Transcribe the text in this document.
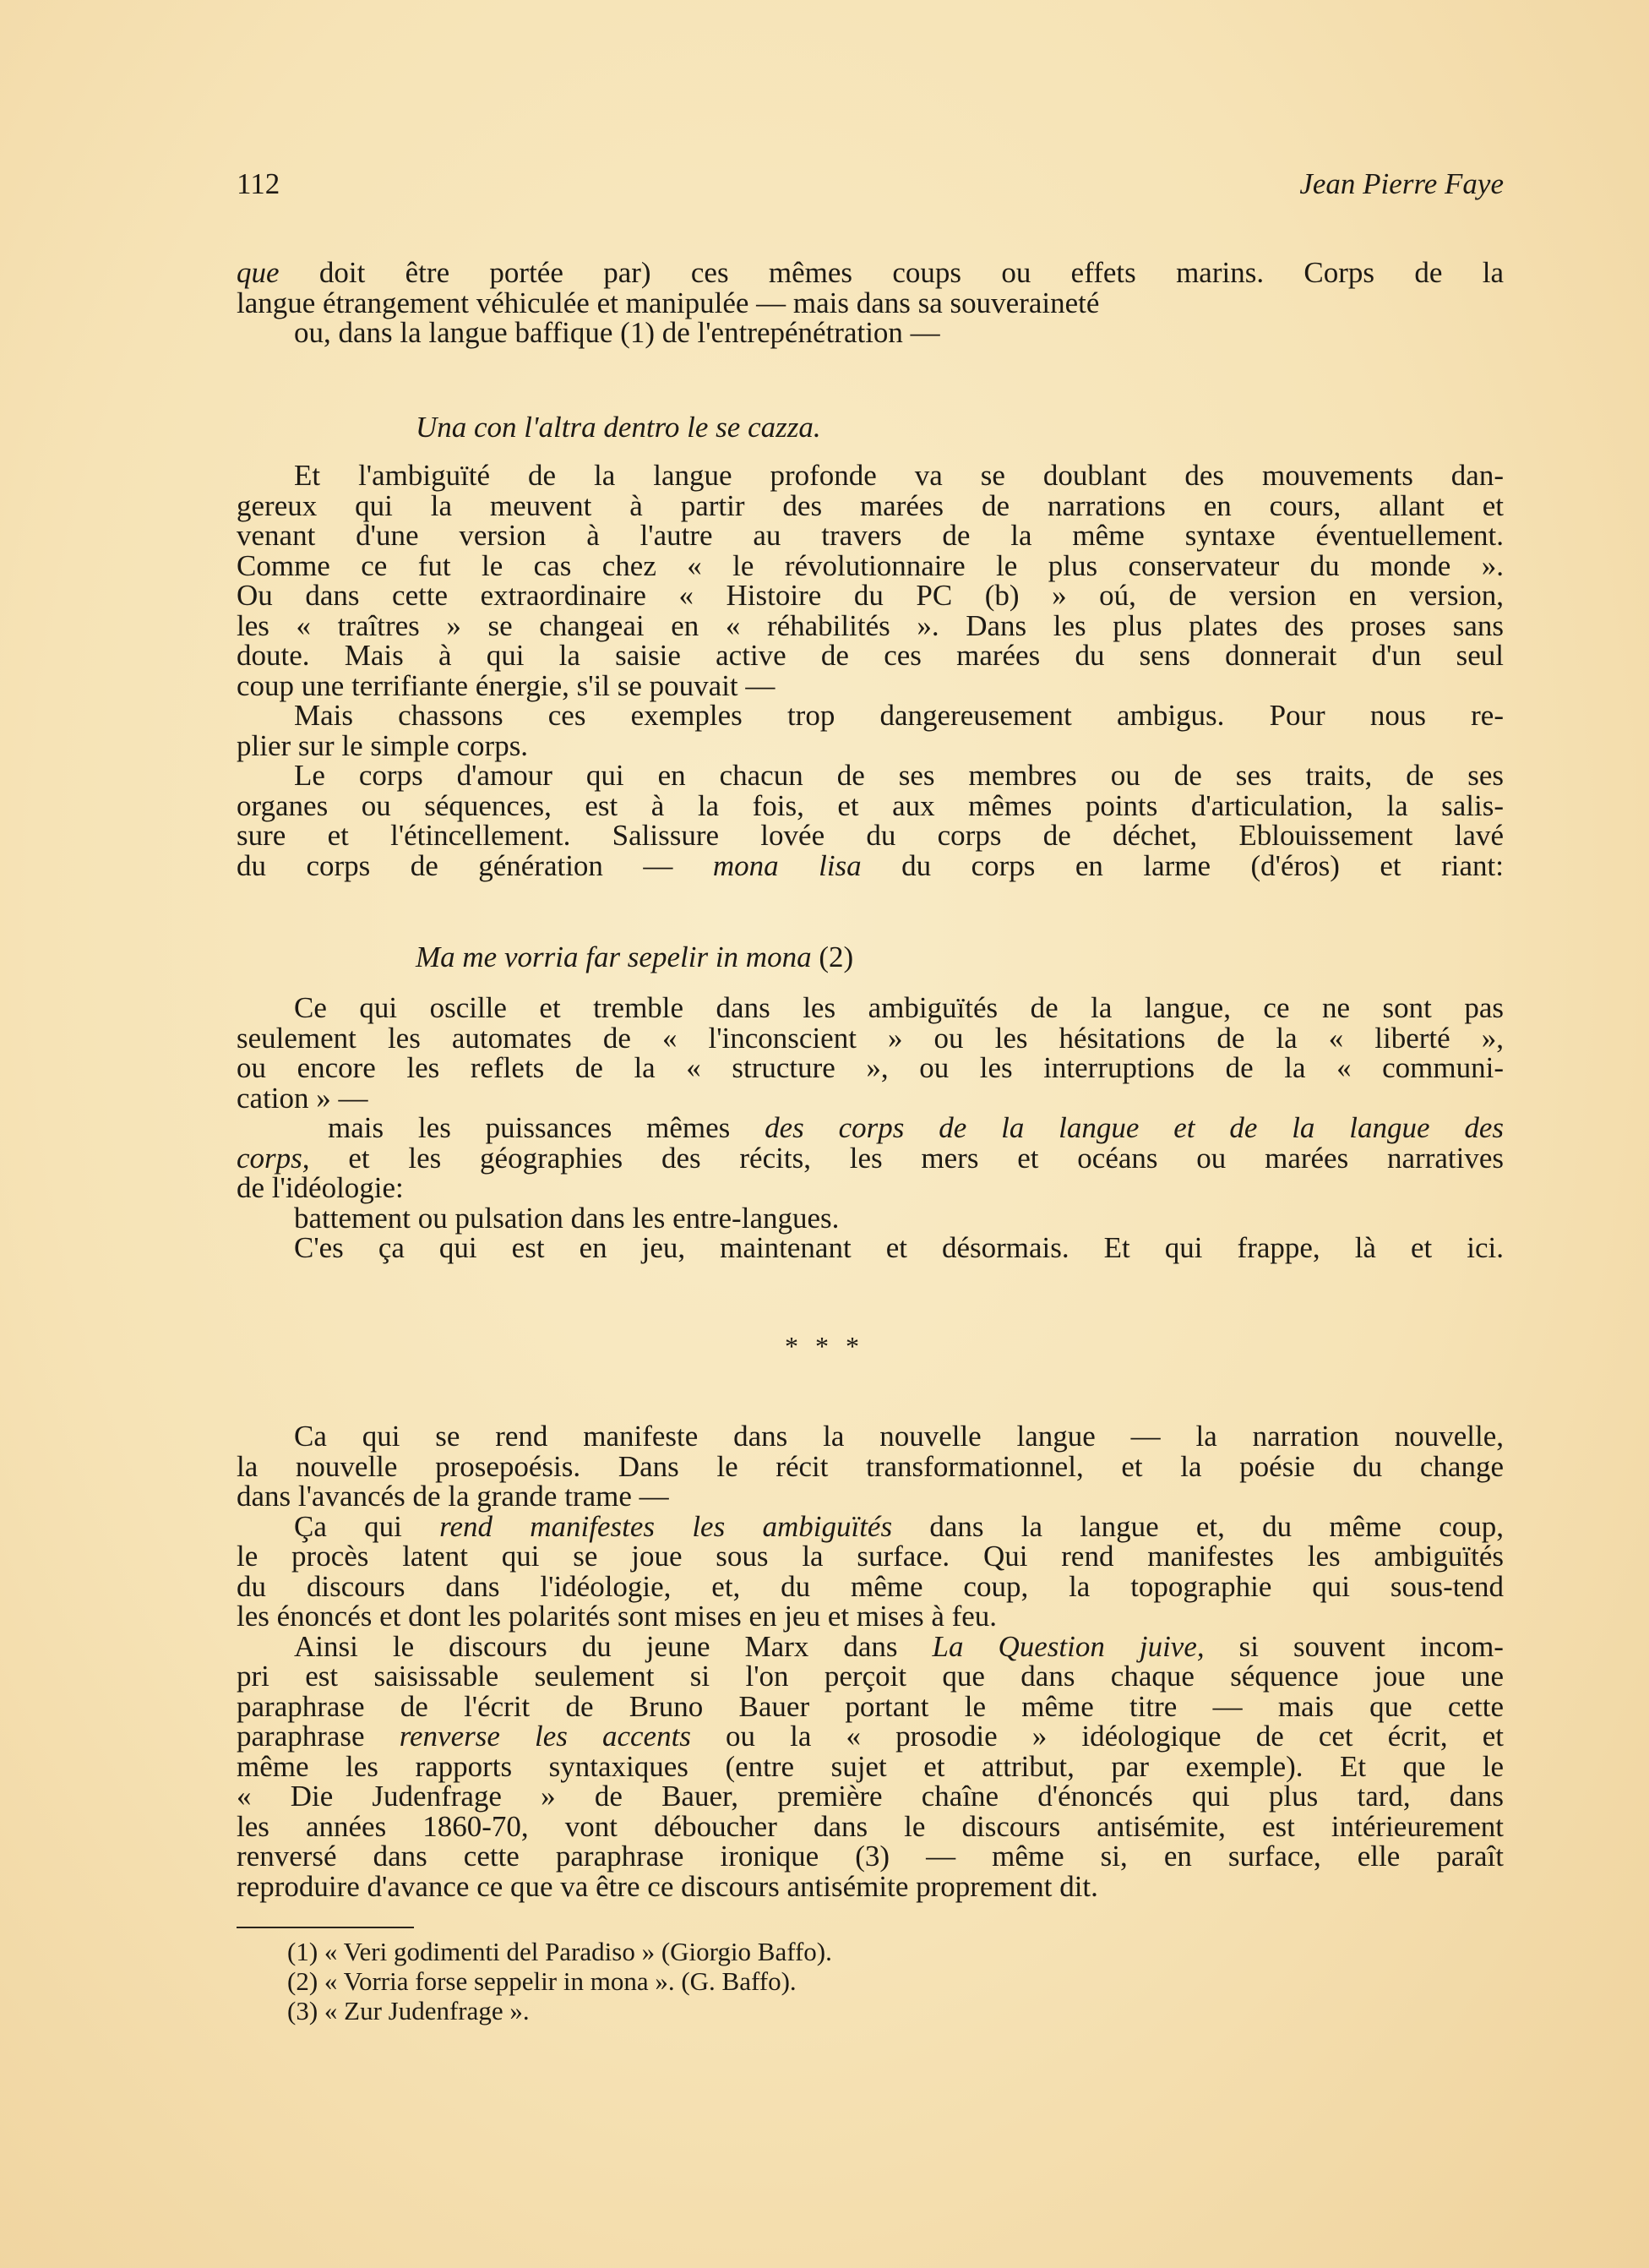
112	Jean Pierre Faye
que doit être portée par) ces mêmes coups ou effets marins. Corps de la
langue étrangement véhiculée et manipulée — mais dans sa souveraineté
ou, dans la langue baffique (1) de l'entrepénétration —
Una con l'altra dentro le se cazza.
Et l'ambiguïté de la langue profonde va se doublant des mouvements dan-
gereux qui la meuvent à partir des marées de narrations en cours, allant et
venant d'une version à l'autre au travers de la même syntaxe éventuellement.
Comme ce fut le cas chez « le révolutionnaire le plus conservateur du monde ».
Ou dans cette extraordinaire « Histoire du PC (b) » oú, de version en version,
les « traîtres » se changeai en « réhabilités ». Dans les plus plates des proses sans
doute. Mais à qui la saisie active de ces marées du sens donnerait d'un seul
coup une terrifiante énergie, s'il se pouvait —
Mais chassons ces exemples trop dangereusement ambigus. Pour nous re-
plier sur le simple corps.
Le corps d'amour qui en chacun de ses membres ou de ses traits, de ses
organes ou séquences, est à la fois, et aux mêmes points d'articulation, la salis-
sure et l'étincellement. Salissure lovée du corps de déchet, Eblouissement lavé
du corps de génération — mona lisa du corps en larme (d'éros) et riant:
Ma me vorria far sepelir in mona (2)
Ce qui oscille et tremble dans les ambiguïtés de la langue, ce ne sont pas
seulement les automates de « l'inconscient » ou les hésitations de la « liberté »,
ou encore les reflets de la « structure », ou les interruptions de la « communi-
cation » —
mais les puissances mêmes des corps de la langue et de la langue des
corps, et les géographies des récits, les mers et océans ou marées narratives
de l'idéologie:
battement ou pulsation dans les entre-langues.
C'es ça qui est en jeu, maintenant et désormais. Et qui frappe, là et ici.
* * *
Ca qui se rend manifeste dans la nouvelle langue — la narration nouvelle,
la nouvelle prosepoésis. Dans le récit transformationnel, et la poésie du change
dans l'avancés de la grande trame —
Ça qui rend manifestes les ambiguïtés dans la langue et, du même coup,
le procès latent qui se joue sous la surface. Qui rend manifestes les ambiguïtés
du discours dans l'idéologie, et, du même coup, la topographie qui sous-tend
les énoncés et dont les polarités sont mises en jeu et mises à feu.
Ainsi le discours du jeune Marx dans La Question juive, si souvent incom-
pri est saisissable seulement si l'on perçoit que dans chaque séquence joue une
paraphrase de l'écrit de Bruno Bauer portant le même titre — mais que cette
paraphrase renverse les accents ou la « prosodie » idéologique de cet écrit, et
même les rapports syntaxiques (entre sujet et attribut, par exemple). Et que le
« Die Judenfrage » de Bauer, première chaîne d'énoncés qui plus tard, dans
les années 1860-70, vont déboucher dans le discours antisémite, est intérieurement
renversé dans cette paraphrase ironique (3) — même si, en surface, elle paraît
reproduire d'avance ce que va être ce discours antisémite proprement dit.
(1) « Veri godimenti del Paradiso » (Giorgio Baffo).
(2) « Vorria forse seppelir in mona ». (G. Baffo).
(3) « Zur Judenfrage ».
